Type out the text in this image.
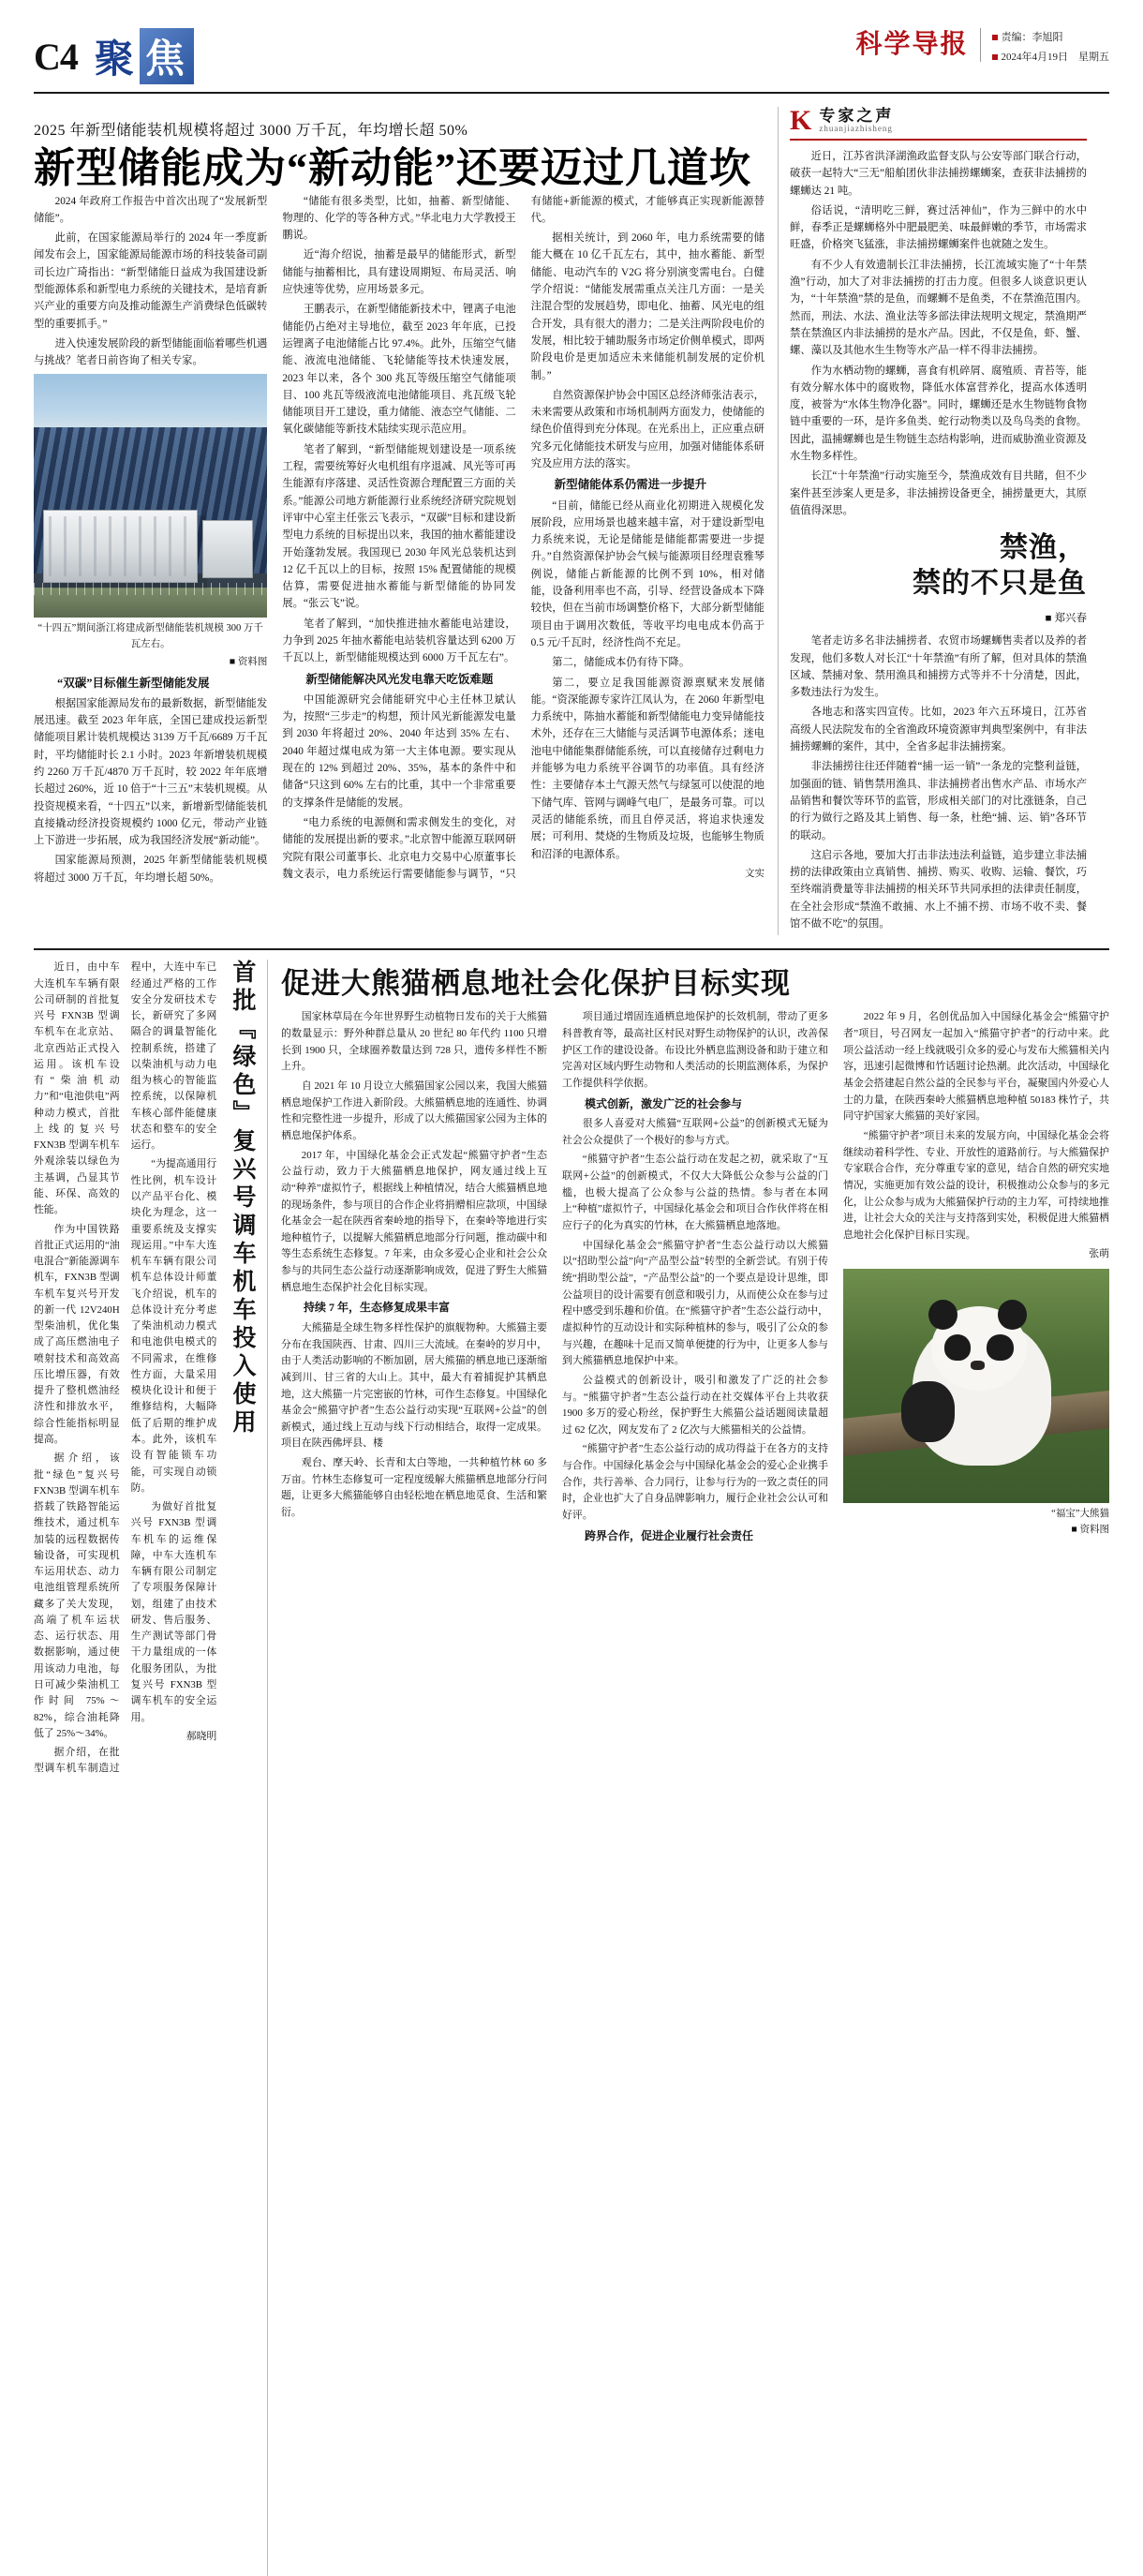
C4 聚 焦	科学导报	责编：李旭阳
2024年4月19日　 星期五
2025 年新型储能装机规模将超过 3000 万千瓦，年均增长超 50%
新型储能成为“新动能”还要迈过几道坎

2024 年政府工作报告中首次出现了“发展新型储能”。

此前，在国家能源局举行的 2024 年一季度新闻发布会上，国家能源局能源市场的科技装备司副司长边广琦指出：“新型储能日益成为我国建设新型能源体系和新型电力系统的关键技术，是培育新兴产业的重要方向及推动能源生产消费绿色低碳转型的重要抓手。”

进入快速发展阶段的新型储能面临着哪些机遇与挑战？笔者日前咨询了相关专家。

“十四五”期间浙江将建成新型储能装机规模 300 万千瓦左右。
■ 资料图

“双碳”目标催生新型储能发展

根据国家能源局发布的最新数据，新型储能发展迅速。截至 2023 年年底，全国已建成投运新型储能项目累计装机规模达 3139 万千瓦/6689 万千瓦时，平均储能时长 2.1 小时。2023 年新增装机规模约 2260 万千瓦/4870 万千瓦时，较 2022 年年底增长超过 260%，近 10 倍于“十三五”末装机规模。从投资规模来看，“十四五”以来，新增新型储能装机直接撬动经济投资规模约 1000 亿元，带动产业链上下游进一步拓展，成为我国经济发展“新动能”。

国家能源局预测，2025 年新型储能装机规模将超过 3000 万千瓦，年均增长超 50%。

“储能有很多类型，比如，抽蓄、新型储能、物理的、化学的等各种方式。”华北电力大学教授王鹏说。

近“海介绍说，抽蓄是最早的储能形式，新型储能与抽蓄相比，具有建设周期短、布局灵活、响应快速等优势，应用场景多元。

王鹏表示，在新型储能新技术中，锂离子电池储能仍占绝对主导地位，截至 2023 年年底，已投运锂离子电池储能占比 97.4%。此外，压缩空气储能、液流电池储能、飞轮储能等技术快速发展，2023 年以来，各个 300 兆瓦等级压缩空气储能项目、100 兆瓦等级液流电池储能项目、兆瓦级飞轮储能项目开工建设，重力储能、液态空气储能、二氧化碳储能等新技术陆续实现示范应用。

笔者了解到，“新型储能规划建设是一项系统工程，需要统筹好火电机组有序退减、风光等可再生能源有序落建、灵活性资源合理配置三方面的关系。”能源公司地方新能源行业系统经济研究院规划评审中心室主任张云飞表示，“双碳”目标和建设新型电力系统的目标提出以来，我国的抽水蓄能建设开始蓬勃发展。我国现已 2030 年风光总装机达到 12 亿千瓦以上的目标，按照 15% 配置储能的规模估算，需要促进抽水蓄能与新型储能的协同发展。“张云飞”说。

笔者了解到，“加快推进抽水蓄能电站建设，力争到 2025 年抽水蓄能电站装机容量达到 6200 万千瓦以上，新型储能规模达到 6000 万千瓦左右”。

新型储能解决风光发电靠天吃饭难题

中国能源研究会储能研究中心主任林卫斌认为，按照“三步走”的构想，预计风光新能源发电量到 2030 年将超过 20%、2040 年达到 35% 左右、2040 年超过煤电成为第一大主体电源。要实现从现在的 12% 到超过 20%、35%，基本的条件中和储备“只这到 60% 左右的比重，其中一个非常重要的支撑条件是储能的发展。

“电力系统的电源侧和需求侧发生的变化，对储能的发展提出新的要求。”北京智中能源互联网研究院有限公司董事长、北京电力交易中心原董事长魏文表示，电力系统运行需要储能参与调节，“只有储能+新能源的模式，才能够真正实现新能源替代。

据相关统计，到 2060 年，电力系统需要的储能大概在 10 亿千瓦左右，其中，抽水蓄能、新型储能、电动汽车的 V2G 将分别演变需电台。白健学介绍说：“储能发展需重点关注几方面：一是关注混合型的发展趋势，即电化、抽蓄、风光电的组合开发，具有很大的潜力；二是关注两阶段电价的发展，相比较于辅助服务市场定价侧单模式，即两阶段电价是更加适应未来储能机制发展的定价机制。”

自然资源保护协会中国区总经济师张洁表示，未来需要从政策和市场机制两方面发力，使储能的绿色价值得到充分体现。在光系出上，正应重点研究多元化储能技术研发与应用，加强对储能体系研究及应用方法的落实。

新型储能体系仍需进一步提升

“目前，储能已经从商业化初期进入规模化发展阶段，应用场景也越来越丰富，对于建设新型电力系统来说，无论是储能是储能都需要进一步提升。”自然资源保护协会气候与能源项目经理袁雅琴例说，储能占新能源的比例不到 10%，相对储能，设备利用率也不高，引导、经营设备成本下降较快，但在当前市场调整价格下，大部分新型储能项目由于调用次数低，等收平均电电成本仍高于 0.5 元/千瓦时，经济性尚不充足。

第二，储能成本仍有待下降。

第二，要立足我国能源资源禀赋来发展储能。“资深能源专家许江凤认为，在 2060 年新型电力系统中，陈抽水蓄能和新型储能电力变异储能技术外，还存在三大储能与灵活调节电源体系；迷电池电中储能集群储能系统，可以直接储存过剩电力并能够为电力系统平谷调节的功率值。具有经济性：主要储存本土气源天然气与绿氢可以使混的地下储气库、管网与调峰气电厂，是最务可靠。可以灵活的储能系统，而且自停灵活，将追求快速发展；可利用、焚烧的生物质及垃圾，也能够生物质和沼泽的电源体系。

文实

K 专家之声
zhuanjiazhisheng

近日，江苏省洪泽湖渔政监督支队与公安等部门联合行动，破获一起特大“三无”船舶团伙非法捕捞螺蛳案，查获非法捕捞的螺蛳达 21 吨。

俗话说，“清明吃三鲜，赛过活神仙”，作为三鲜中的水中鲜，春季正是螺蛳格外中肥最肥美、味最鲜嫩的季节，市场需求旺盛，价格突飞猛涨，非法捕捞螺蛳案件也就随之发生。

有不少人有效遗制长江非法捕捞，长江流域实施了“十年禁渔”行动，加大了对非法捕捞的打击力度。但很多人谈意识更认为，“十年禁渔”禁的是鱼，而螺蛳不是鱼类，不在禁渔范围内。然而，刑法、水法、渔业法等多部法律法规明文规定，禁渔期严禁在禁渔区内非法捕捞的是水产品。因此，不仅是鱼，虾、蟹、螺、藻以及其他水生生物等水产品一样不得非法捕捞。

作为水栖动物的螺蛳，喜食有机碎屑、腐殖质、青苔等，能有效分解水体中的腐败物，降低水体富营养化，提高水体透明度，被誉为“水体生物净化器”。同时，螺蛳还是水生物链物食物链中重要的一环，是许多鱼类、蛇行动物类以及鸟鸟类的食物。因此，温捕螺蛳也是生物链生态结构影响，进而威胁渔业资源及水生物多样性。

长江“十年禁渔”行动实施至今，禁渔成效有目共睹，但不少案件甚至涉案人更是多，非法捕捞设备更全，捕捞量更大，其原值值得深思。

禁渔，
禁的不只是鱼
■ 郑兴春

笔者走访多名非法捕捞者、农贸市场螺蛳售卖者以及养的者发现，他们多数人对长江“十年禁渔”有所了解，但对具体的禁渔区域、禁捕对象、禁用渔具和捕捞方式等并不十分清楚，因此，多数违法行为发生。

各地志和落实四宣传。比如，2023 年六五环境日，江苏省高级人民法院发布的全省渔政环境资源审判典型案例中，有非法捕捞螺蛳的案件，其中，全省多起非法捕捞案。

非法捕捞往往还伴随着“捕一运一销”一条龙的完整利益链，加强面的链、销售禁用渔具、非法捕捞者出售水产品、市场水产品销售和餐饮等环节的监管，形成相关部门的对比涨链条，自己的行为做行之路及其上销售、每一条，杜绝“捕、运、销”各环节的联动。

这启示各地，要加大打击非法违法利益链，追步建立非法捕捞的法律政策由立真销售、捕捞、购买、收购、运输、餐饮，巧至终端消费量等非法捕捞的相关环节共同承担的法律责任制度，在全社会形成“禁渔不敢捕、水上不捕不捞、市场不收不卖、餐馆不做不吃”的氛围。

近日，由中车大连机车车辆有限公司研制的首批复兴号 FXN3B 型调车机车在北京站、北京西站正式投入运用。该机车设有“柴油机动力”和“电池供电”两种动力模式，首批上线的复兴号 FXN3B 型调车机车外观涂装以绿色为主基调，凸显其节能、环保、高效的性能。

作为中国铁路首批正式运用的“油电混合”新能源调车机车，FXN3B 型调车机车复兴号开发的新一代 12V240H 型柴油机，优化集成了高压燃油电子喷射技术和高效高压比增压器，有效提升了整机燃油经济性和排放水平，综合性能指标明显提高。

据介绍，该批“绿色”复兴号 FXN3B 型调车机车搭载了铁路智能运维技术，通过机车加装的远程数据传输设备，可实现机车运用状态、动力电池组管理系统所藏多了关大发现，高端了机车运状态、运行状态、用数据影响，通过使用该动力电池，每日可减少柴油机工作时间 75%～82%，综合油耗降低了 25%～34%。

据介绍，在批型调车机车制造过程中，大连中车已经通过严格的工作安全分发研技术专长，新研究了多网隔合的调量智能化控制系统，搭建了以柴油机与动力电组为核心的智能监控系统，以保障机车核心部件能健康状态和整车的安全运行。

“为提高通用行性比例，机车设计以产品平台化、模块化为理念，这一重要系统及支撑实现运用。”中车大连机车车辆有限公司机车总体设计师董飞介绍说，机车的总体设计充分考虑了柴油机动力模式和电池供电模式的不同需求，在维修性方面，大量采用模块化设计和便于维修结构，大幅降低了后期的维护成本。此外，该机车设有智能锁车功能，可实现自动锁防。

为做好首批复兴号 FXN3B 型调车机车的运维保障，中车大连机车车辆有限公司制定了专项服务保障计划，组建了由技术研发、售后服务、生产测试等部门骨干力量组成的一体化服务团队，为批复兴号 FXN3B 型调车机车的安全运用。

郝晓明

首批『绿色』复兴号调车机车投入使用 促进大熊猫栖息地社会化保护目标实现

国家林草局在今年世界野生动植物日发布的关于大熊猫的数量显示：野外种群总量从 20 世纪 80 年代约 1100 只增长到 1900 只，全球圈养数量达到 728 只，遗传多样性不断上升。

自 2021 年 10 月设立大熊猫国家公园以来，我国大熊猫栖息地保护工作进入新阶段。大熊猫栖息地的连通性、协调性和完整性进一步提升，形成了以大熊猫国家公园为主体的栖息地保护体系。

2017 年，中国绿化基金会正式发起“熊猫守护者”生态公益行动，致力于大熊猫栖息地保护，网友通过线上互动“种养”虚拟竹子，根据线上种植情况，结合大熊猫栖息地的现场条件，参与项目的合作企业将捐赠相应款项，中国绿化基金会一起在陕西省秦岭地的指导下，在秦岭等地进行实地种植竹子，以提解大熊猫栖息地部分行问题，推动碳中和等生态系统生态修复。7 年来，由众多爱心企业和社会公众参与的共同生态公益行动逐渐影响成效，促进了野生大熊猫栖息地生态保护社会化目标实现。

持续 7 年，生态修复成果丰富

大熊猫是全球生物多样性保护的旗舰物种。大熊猫主要分布在我国陕西、甘肃、四川三大流域。在秦岭的岁月中，由于人类活动影响的不断加剧，居大熊猫的栖息地已逐渐缩减到川、甘三省的大山上。其中，最大有着捕捉护其栖息地，这大熊猫一片完密嵌的竹林，可作生态修复。中国绿化基金会“熊猫守护者”生态公益行动实现“互联网+公益”的创新模式，通过线上互动与线下行动相结合，取得一定成果。项目在陕西佛坪县、楼

观台、摩天岭、长青和太白等地，一共种植竹林 60 多万亩。竹林生态修复可一定程度缓解大熊猫栖息地部分行问题，让更多大熊猫能够自由轻松地在栖息地觅食、生活和繁衍。

项目通过增固连通栖息地保护的长效机制，带动了更多科普教育等，最高社区村民对野生动物保护的认识，改善保护区工作的建设设备。布设比外栖息监测设备和助于建立和完善对区域内野生动物和人类活动的长期监测体系，为保护工作提供科学依据。

模式创新，激发广泛的社会参与

很多人喜爱对大熊猫“互联网+公益”的创新模式无疑为社会公众提供了一个极好的参与方式。

“熊猫守护者”生态公益行动在发起之初，就采取了“互联网+公益”的创新模式，不仅大大降低公众参与公益的门槛，也极大提高了公众参与公益的热情。参与者在本网上“种植”虚拟竹子，中国绿化基金会和项目合作伙伴将在相应行子的化为真实的竹林，在大熊猫栖息地落地。

中国绿化基金会“熊猫守护者”生态公益行动以大熊猫以“招助型公益”向“产品型公益”转型的全新尝试。有别于传统“捐助型公益”，“产品型公益”的一个要点是设计思维，即公益项目的设计需要有创意和吸引力，从而使公众在参与过程中感受到乐趣和价值。在“熊猫守护者”生态公益行动中，虚拟种竹的互动设计和实际种植林的参与，吸引了公众的参与兴趣，在趣味十足而又简单便捷的行为中，让更多人参与到大熊猫栖息地保护中来。

公益模式的创新设计，吸引和激发了广泛的社会参与。“熊猫守护者”生态公益行动在社交媒体平台上共收获 1900 多万的爱心粉丝，保护野生大熊猫公益话题阅读量超过 62 亿次，网友发布了 2 亿次与大熊猫相关的公益情。

“熊猫守护者”生态公益行动的成功得益于在各方的支持与合作。中国绿化基金会与中国绿化基金会的爱心企业携手合作，共行善举、合力同行，让参与行为的一致之责任的同时，企业也扩大了自身品牌影响力，履行企业社会公认可和好评。

跨界合作，促进企业履行社会责任

2022 年 9 月，名创优品加入中国绿化基金会“熊猫守护者”项目，号召网友一起加入“熊猫守护者”的行动中来。此项公益活动一经上线就吸引众多的爱心与发布大熊猫相关内容，迅速引起微博和竹话题讨论热潮。此次活动，中国绿化基金会搭建起自然公益的全民参与平台，凝聚国内外爱心人士的力量，在陕西秦岭大熊猫栖息地种植 50183 株竹子，共同守护国家大熊猫的美好家园。

“熊猫守护者”项目未来的发展方向，中国绿化基金会将继续动着科学性、专业、开放性的道路前行。与大熊猫保护专家联合合作，充分尊重专家的意见，结合自然的研究实地情况，实施更加有效公益的设计，积极推动公众参与的多元化，让公众参与成为大熊猫保护行动的主力军，可持续地推进，让社会大众的关注与支持落到实处，积极促进大熊猫栖息地社会化保护目标日实现。

张萌

“福宝”大熊猫
■ 资料图
